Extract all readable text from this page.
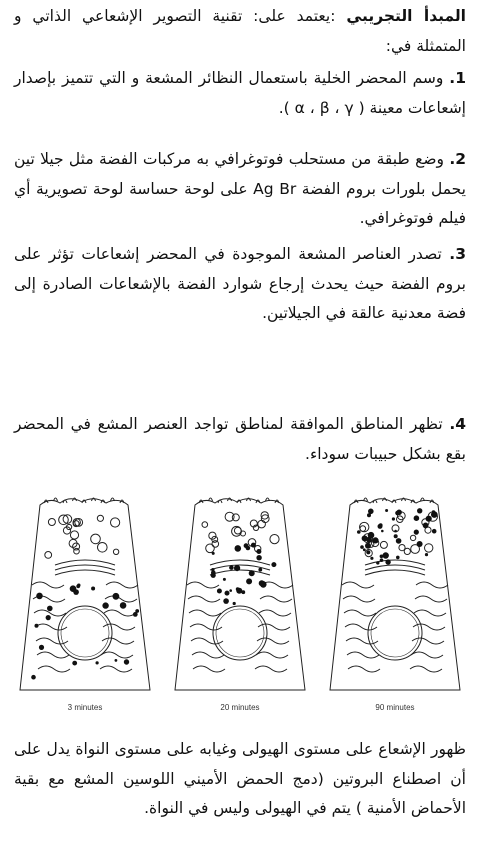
المبدأ التجريبي :يعتمد على: تقنية التصوير الإشعاعي الذاتي و المتمثلة في:

1. وسم المحضر الخلية باستعمال النظائر المشعة و التي تتميز بإصدار إشعاعات معينة ( α ، β ، γ ).

2. وضع طبقة من مستحلب فوتوغرافي به مركبات الفضة مثل جيلا تين يحمل بلورات بروم الفضة Ag Br على لوحة حساسة لوحة تصويرية أي فيلم فوتوغرافي.

3. تصدر العناصر المشعة الموجودة في المحضر إشعاعات تؤثر على بروم الفضة حيث يحدث إرجاع شوارد الفضة بالإشعاعات الصادرة إلى فضة معدنية عالقة في الجيلاتين.

4. تظهر المناطق الموافقة لمناطق تواجد العنصر المشع في المحضر بقع بشكل حبيبات سوداء.

3 minutes	20 minutes	90 minutes

ظهور الإشعاع على مستوى الهيولى وغيابه على مستوى النواة يدل على أن اصطناع البروتين (دمج الحمض الأميني اللوسين المشع مع بقية الأحماض الأمنية ) يتم في الهيولى وليس في النواة.
